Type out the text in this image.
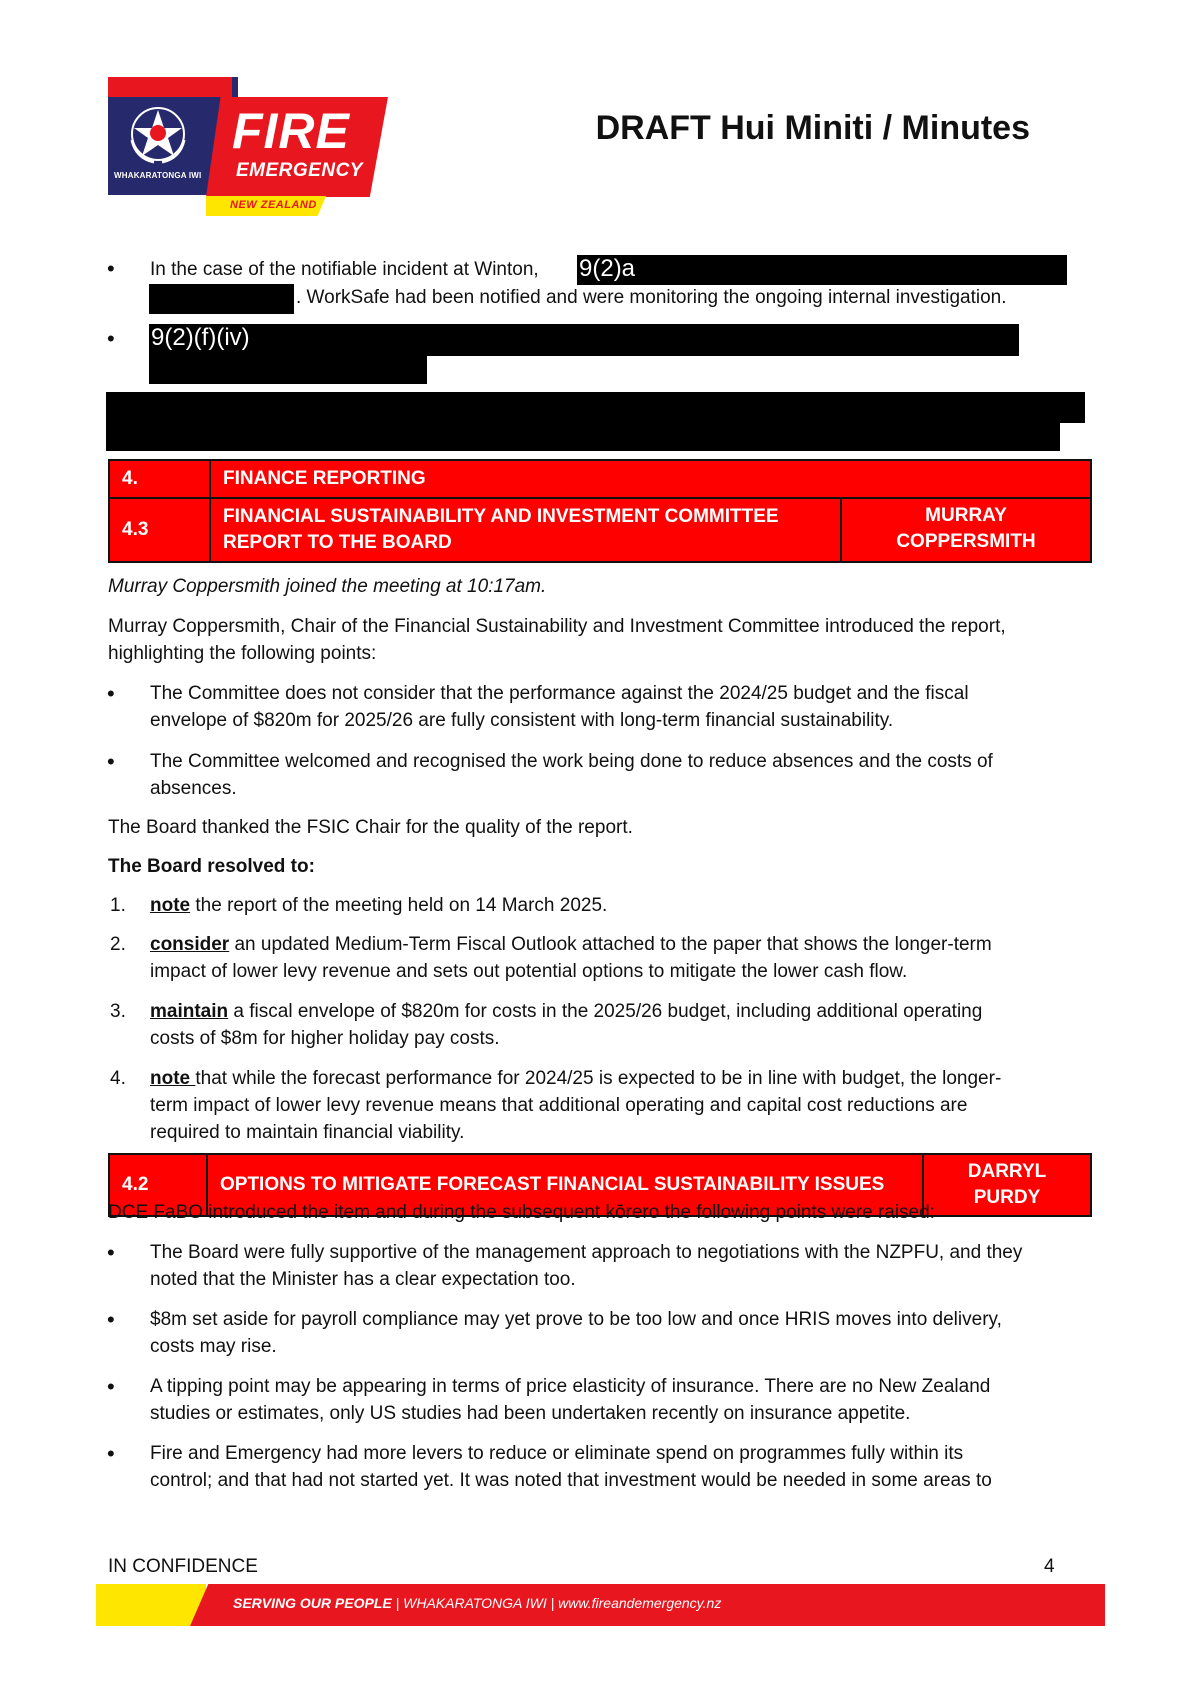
WHAKARATONGA IWI
FIRE
EMERGENCY
NEW ZEALAND
DRAFT Hui Miniti / Minutes
• In the case of the notifiable incident at Winton, 9(2)a
. WorkSafe had been notified and were monitoring the ongoing internal investigation.
• 9(2)(f)(iv)
4.	FINANCE REPORTING	
4.3	FINANCIAL SUSTAINABILITY AND INVESTMENT COMMITTEE
REPORT TO THE BOARD	MURRAY COPPERSMITH
Murray Coppersmith joined the meeting at 10:17am.
Murray Coppersmith, Chair of the Financial Sustainability and Investment Committee introduced the report,
highlighting the following points:
• The Committee does not consider that the performance against the 2024/25 budget and the fiscal
envelope of $820m for 2025/26 are fully consistent with long-term financial sustainability.
• The Committee welcomed and recognised the work being done to reduce absences and the costs of
absences.
The Board thanked the FSIC Chair for the quality of the report.
The Board resolved to:
1. note the report of the meeting held on 14 March 2025.
2. consider an updated Medium-Term Fiscal Outlook attached to the paper that shows the longer-term
impact of lower levy revenue and sets out potential options to mitigate the lower cash flow.
3. maintain a fiscal envelope of $820m for costs in the 2025/26 budget, including additional operating
costs of $8m for higher holiday pay costs.
4. note that while the forecast performance for 2024/25 is expected to be in line with budget, the longer-
term impact of lower levy revenue means that additional operating and capital cost reductions are
required to maintain financial viability.
4.2	OPTIONS TO MITIGATE FORECAST FINANCIAL SUSTAINABILITY ISSUES	DARRYL PURDY
DCE FaBO introduced the item and during the subsequent kōrero the following points were raised:
• The Board were fully supportive of the management approach to negotiations with the NZPFU, and they
noted that the Minister has a clear expectation too.
• $8m set aside for payroll compliance may yet prove to be too low and once HRIS moves into delivery,
costs may rise.
• A tipping point may be appearing in terms of price elasticity of insurance. There are no New Zealand
studies or estimates, only US studies had been undertaken recently on insurance appetite.
• Fire and Emergency had more levers to reduce or eliminate spend on programmes fully within its
control; and that had not started yet. It was noted that investment would be needed in some areas to
IN CONFIDENCE	4
SERVING OUR PEOPLE | WHAKARATONGA IWI | www.fireandemergency.nz
